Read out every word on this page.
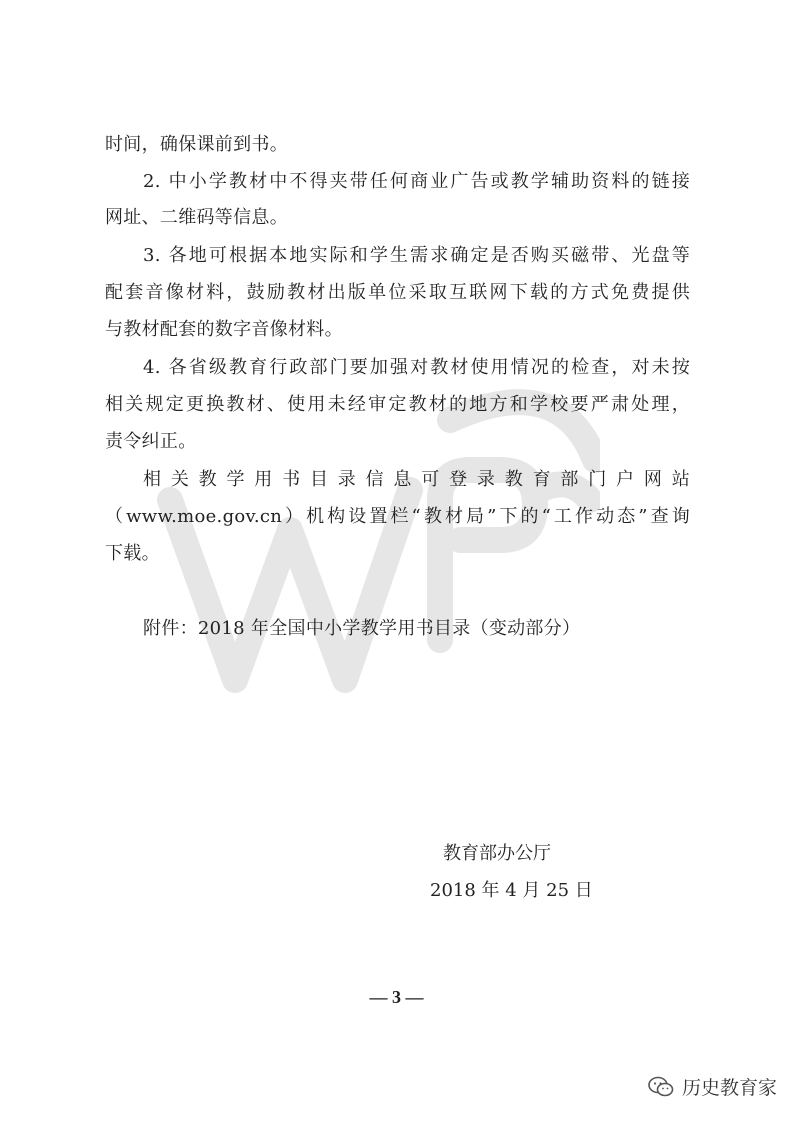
时间，确保课前到书。
2. 中小学教材中不得夹带任何商业广告或教学辅助资料的链接
网址、二维码等信息。
3. 各地可根据本地实际和学生需求确定是否购买磁带、光盘等
配套音像材料，鼓励教材出版单位采取互联网下载的方式免费提供
与教材配套的数字音像材料。
4. 各省级教育行政部门要加强对教材使用情况的检查，对未按
相关规定更换教材、使用未经审定教材的地方和学校要严肃处理，
责令纠正。
相关教学用书目录信息可登录教育部门户网站
（www.moe.gov.cn）机构设置栏“教材局”下的“工作动态”查询
下载。
附件：2018 年全国中小学教学用书目录（变动部分）
教育部办公厅
2018 年 4 月 25 日
— 3 —
历史教育家
